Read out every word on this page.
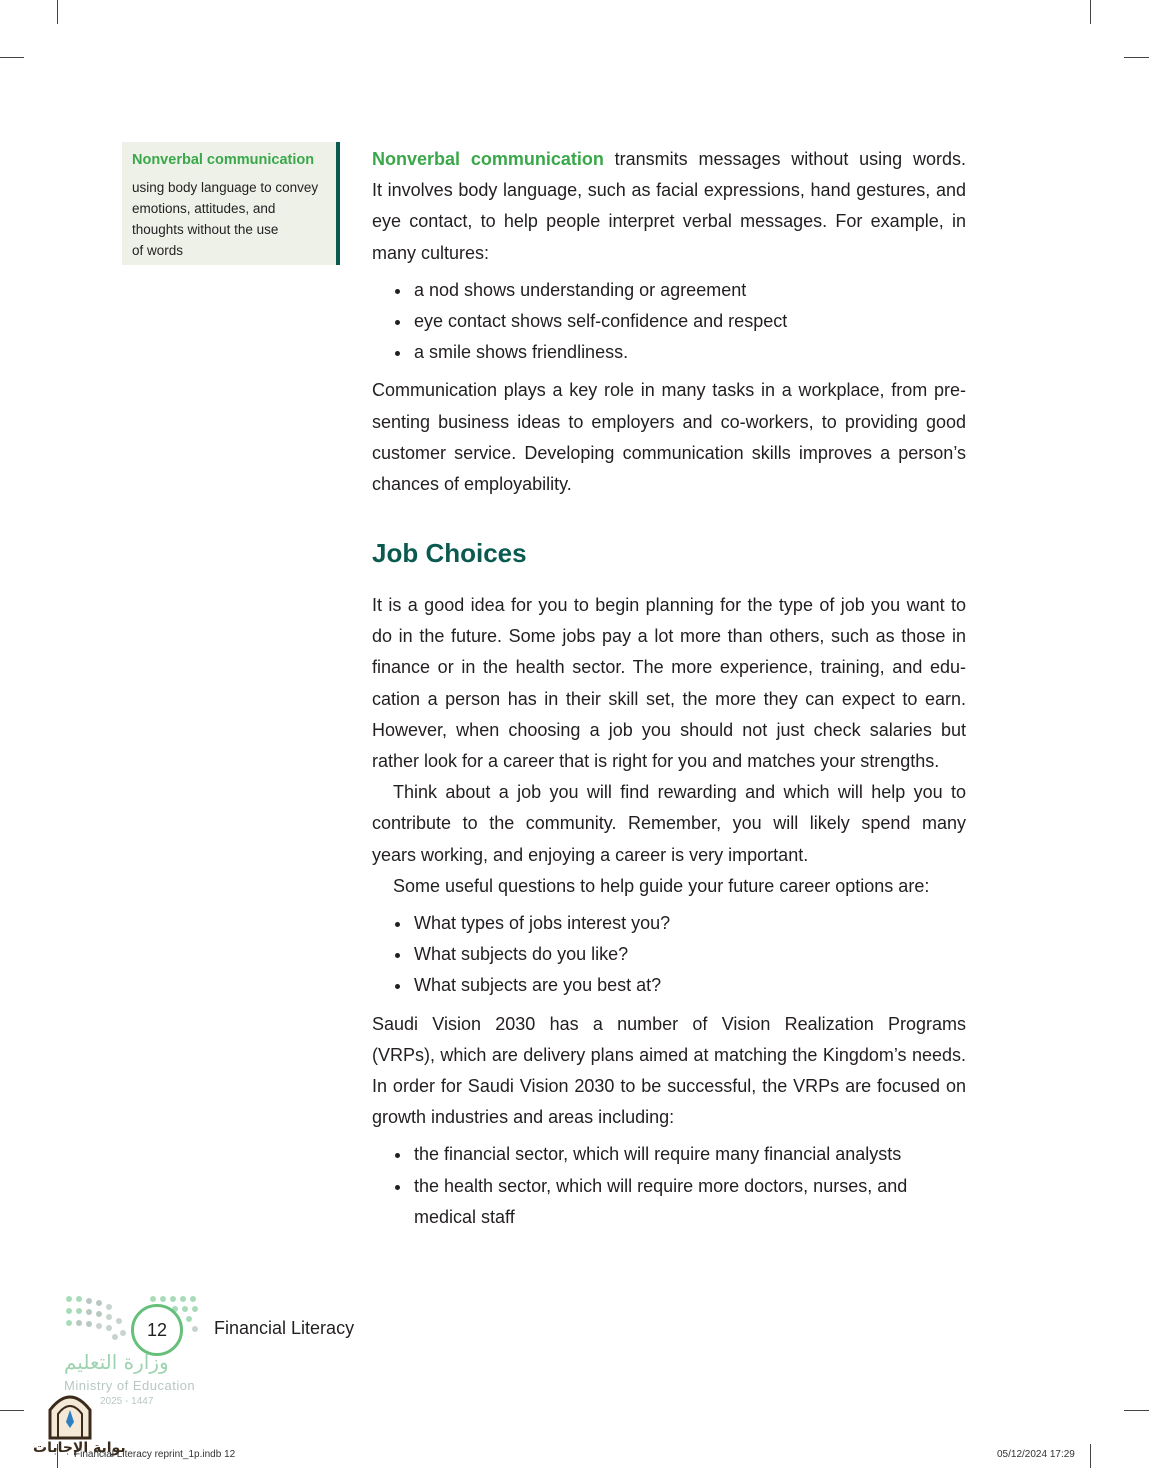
Nonverbal communication
using body language to convey
emotions, attitudes, and
thoughts without the use
of words

Nonverbal communication transmits messages without using words.
It involves body language, such as facial expressions, hand gestures, and
eye contact, to help people interpret verbal messages. For example, in
many cultures:

a nod shows understanding or agreement
eye contact shows self-confidence and respect
a smile shows friendliness.

Communication plays a key role in many tasks in a workplace, from pre-
senting business ideas to employers and co-workers, to providing good
customer service. Developing communication skills improves a person’s
chances of employability.

Job Choices

It is a good idea for you to begin planning for the type of job you want to
do in the future. Some jobs pay a lot more than others, such as those in
finance or in the health sector. The more experience, training, and edu-
cation a person has in their skill set, the more they can expect to earn.
However, when choosing a job you should not just check salaries but
rather look for a career that is right for you and matches your strengths.

Think about a job you will find rewarding and which will help you to
contribute to the community. Remember, you will likely spend many
years working, and enjoying a career is very important.

Some useful questions to help guide your future career options are:

What types of jobs interest you?
What subjects do you like?
What subjects are you best at?

Saudi Vision 2030 has a number of Vision Realization Programs
(VRPs), which are delivery plans aimed at matching the Kingdom’s needs.
In order for Saudi Vision 2030 to be successful, the VRPs are focused on
growth industries and areas including:

the financial sector, which will require many financial analysts
the health sector, which will require more doctors, nurses, and
medical staff
12	Financial Literacy
وزارة التعليم
Ministry of Education
2025 - 1447
بوابة الإجابات
Financial Literacy reprint_1p.indb 12	05/12/2024 17:29
